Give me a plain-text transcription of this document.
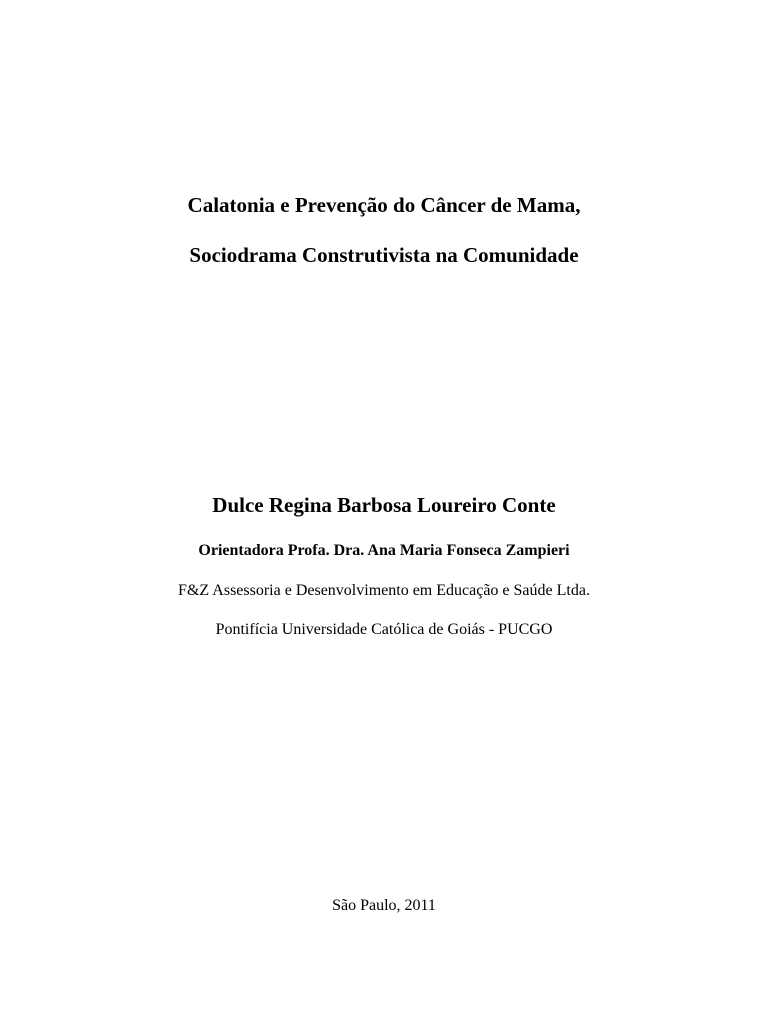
Calatonia e Prevenção do Câncer de Mama,
Sociodrama Construtivista na Comunidade
Dulce Regina Barbosa Loureiro Conte
Orientadora Profa. Dra. Ana Maria Fonseca Zampieri
F&Z Assessoria e Desenvolvimento em Educação e Saúde Ltda.
Pontifícia Universidade Católica de Goiás - PUCGO
São Paulo, 2011
